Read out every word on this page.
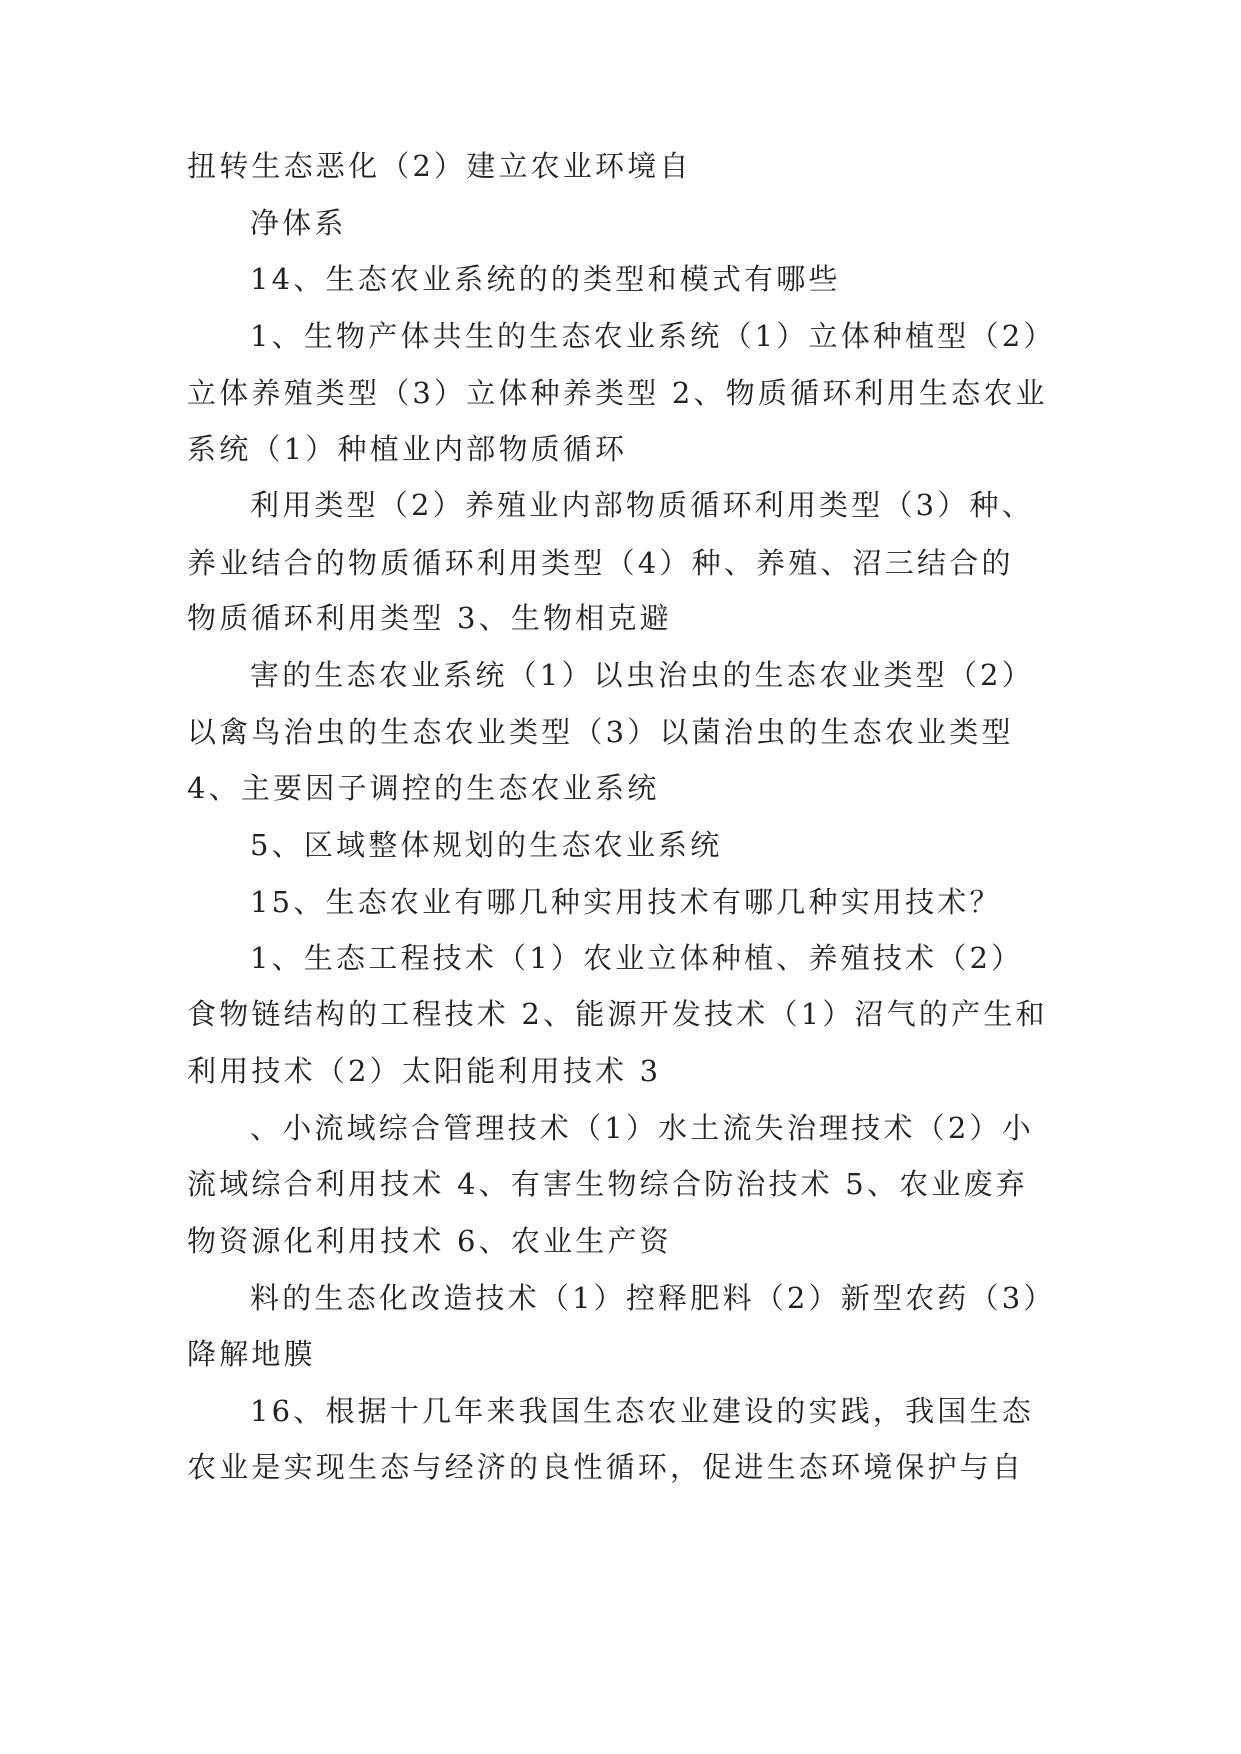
扭转生态恶化（2）建立农业环境自
净体系
14、生态农业系统的的类型和模式有哪些
1、生物产体共生的生态农业系统（1）立体种植型（2）
立体养殖类型（3）立体种养类型 2、物质循环利用生态农业
系统（1）种植业内部物质循环
利用类型（2）养殖业内部物质循环利用类型（3）种、
养业结合的物质循环利用类型（4）种、养殖、沼三结合的
物质循环利用类型 3、生物相克避
害的生态农业系统（1）以虫治虫的生态农业类型（2）
以禽鸟治虫的生态农业类型（3）以菌治虫的生态农业类型
4、主要因子调控的生态农业系统
5、区域整体规划的生态农业系统
15、生态农业有哪几种实用技术有哪几种实用技术？
1、生态工程技术（1）农业立体种植、养殖技术（2）
食物链结构的工程技术 2、能源开发技术（1）沼气的产生和
利用技术（2）太阳能利用技术 3
、小流域综合管理技术（1）水土流失治理技术（2）小
流域综合利用技术 4、有害生物综合防治技术 5、农业废弃
物资源化利用技术 6、农业生产资
料的生态化改造技术（1）控释肥料（2）新型农药（3）
降解地膜
16、根据十几年来我国生态农业建设的实践，我国生态
农业是实现生态与经济的良性循环，促进生态环境保护与自
